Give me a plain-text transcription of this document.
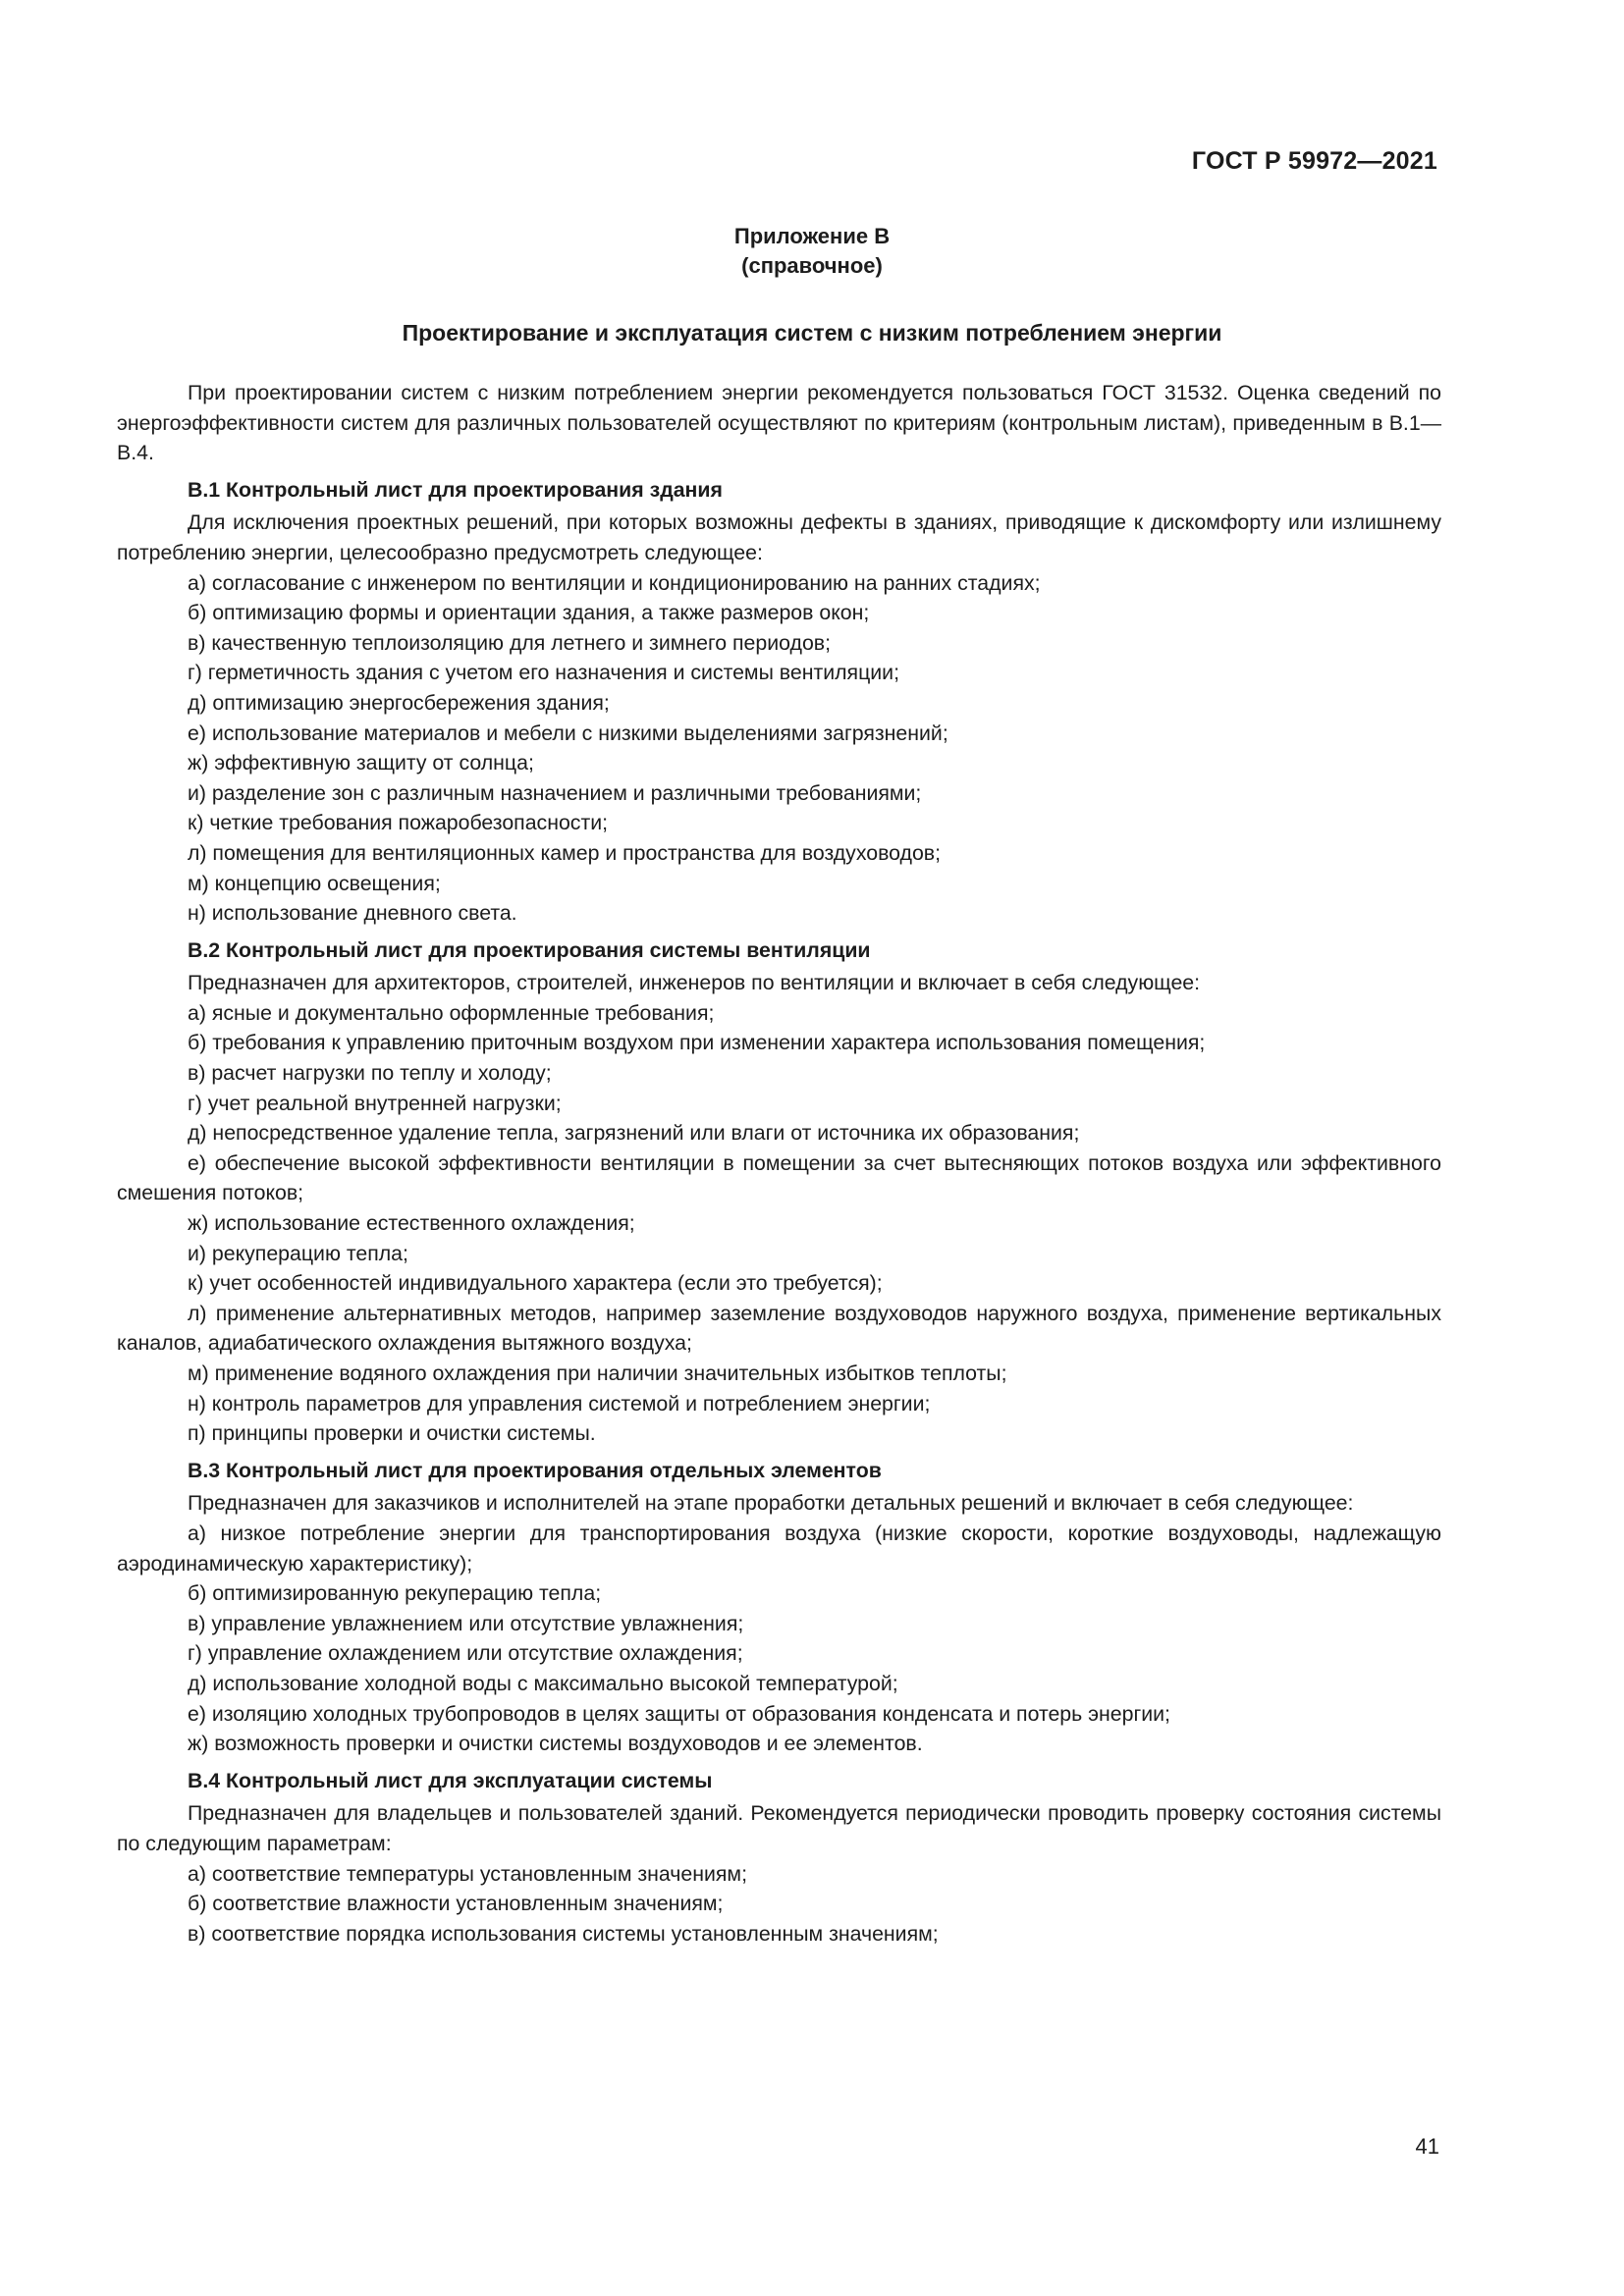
ГОСТ Р 59972—2021
Приложение В
(справочное)
Проектирование и эксплуатация систем с низким потреблением энергии

При проектировании систем с низким потреблением энергии рекомендуется пользоваться ГОСТ 31532. Оценка сведений по энергоэффективности систем для различных пользователей осуществляют по критериям (контрольным листам), приведенным в В.1—В.4.

В.1 Контрольный лист для проектирования здания

Для исключения проектных решений, при которых возможны дефекты в зданиях, приводящие к дискомфорту или излишнему потреблению энергии, целесообразно предусмотреть следующее:

а) согласование с инженером по вентиляции и кондиционированию на ранних стадиях;

б) оптимизацию формы и ориентации здания, а также размеров окон;

в) качественную теплоизоляцию для летнего и зимнего периодов;

г) герметичность здания с учетом его назначения и системы вентиляции;

д) оптимизацию энергосбережения здания;

е) использование материалов и мебели с низкими выделениями загрязнений;

ж) эффективную защиту от солнца;

и) разделение зон с различным назначением и различными требованиями;

к) четкие требования пожаробезопасности;

л) помещения для вентиляционных камер и пространства для воздуховодов;

м) концепцию освещения;

н) использование дневного света.

В.2 Контрольный лист для проектирования системы вентиляции

Предназначен для архитекторов, строителей, инженеров по вентиляции и включает в себя следующее:

а) ясные и документально оформленные требования;

б) требования к управлению приточным воздухом при изменении характера использования помещения;

в) расчет нагрузки по теплу и холоду;

г) учет реальной внутренней нагрузки;

д) непосредственное удаление тепла, загрязнений или влаги от источника их образования;

е) обеспечение высокой эффективности вентиляции в помещении за счет вытесняющих потоков воздуха или эффективного смешения потоков;

ж) использование естественного охлаждения;

и) рекуперацию тепла;

к) учет особенностей индивидуального характера (если это требуется);

л) применение альтернативных методов, например заземление воздуховодов наружного воздуха, применение вертикальных каналов, адиабатического охлаждения вытяжного воздуха;

м) применение водяного охлаждения при наличии значительных избытков теплоты;

н) контроль параметров для управления системой и потреблением энергии;

п) принципы проверки и очистки системы.

В.3 Контрольный лист для проектирования отдельных элементов

Предназначен для заказчиков и исполнителей на этапе проработки детальных решений и включает в себя следующее:

а) низкое потребление энергии для транспортирования воздуха (низкие скорости, короткие воздуховоды, надлежащую аэродинамическую характеристику);

б) оптимизированную рекуперацию тепла;

в) управление увлажнением или отсутствие увлажнения;

г) управление охлаждением или отсутствие охлаждения;

д) использование холодной воды с максимально высокой температурой;

е) изоляцию холодных трубопроводов в целях защиты от образования конденсата и потерь энергии;

ж) возможность проверки и очистки системы воздуховодов и ее элементов.

В.4 Контрольный лист для эксплуатации системы

Предназначен для владельцев и пользователей зданий. Рекомендуется периодически проводить проверку состояния системы по следующим параметрам:

а) соответствие температуры установленным значениям;

б) соответствие влажности установленным значениям;

в) соответствие порядка использования системы установленным значениям;

41
